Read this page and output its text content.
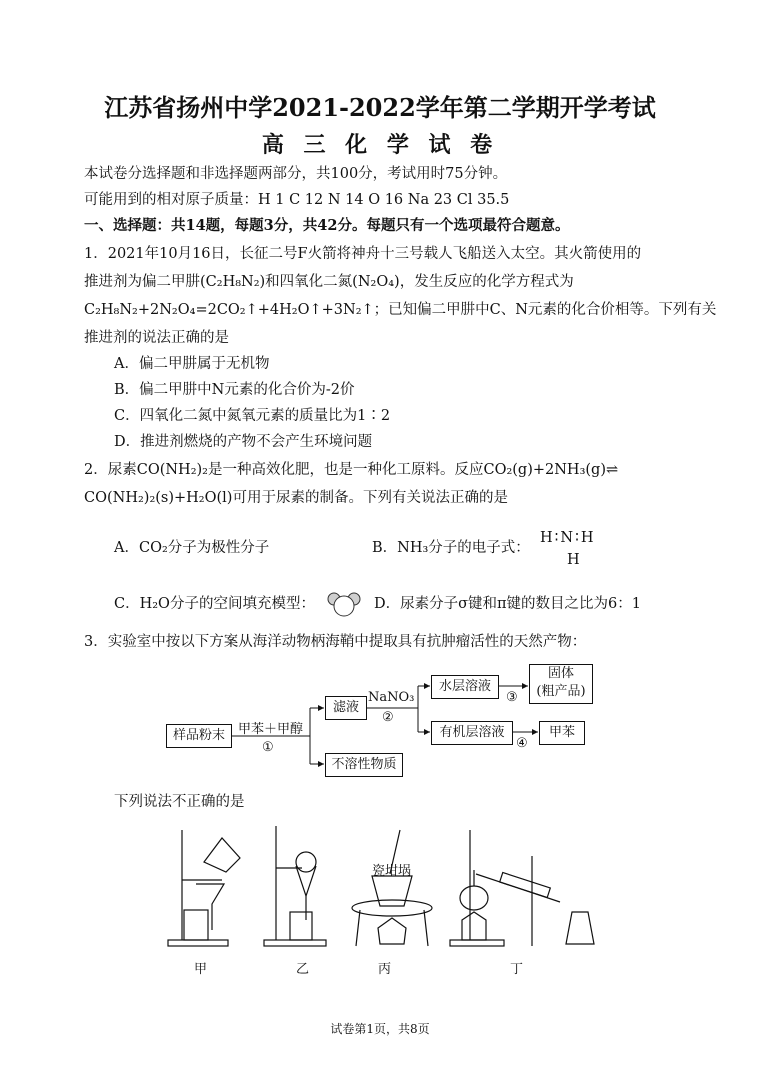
江苏省扬州中学2021-2022学年第二学期开学考试
高 三 化 学 试 卷
本试卷分选择题和非选择题两部分，共100分，考试用时75分钟。
可能用到的相对原子质量：H 1 C 12 N 14 O 16 Na 23 Cl 35.5
一、选择题：共14题，每题3分，共42分。每题只有一个选项最符合题意。
1．2021年10月16日，长征二号F火箭将神舟十三号载人飞船送入太空。其火箭使用的
推进剂为偏二甲肼(C₂H₈N₂)和四氧化二氮(N₂O₄)，发生反应的化学方程式为
C₂H₈N₂+2N₂O₄=2CO₂↑+4H₂O↑+3N₂↑；已知偏二甲肼中C、N元素的化合价相等。下列有关
推进剂的说法正确的是
A．偏二甲肼属于无机物
B．偏二甲肼中N元素的化合价为-2价
C．四氧化二氮中氮氧元素的质量比为1∶2
D．推进剂燃烧的产物不会产生环境问题
2．尿素CO(NH₂)₂是一种高效化肥，也是一种化工原料。反应CO₂(g)+2NH₃(g)⇌
CO(NH₂)₂(s)+H₂O(l)可用于尿素的制备。下列有关说法正确的是
A．CO₂分子为极性分子	B．NH₃分子的电子式：
H∶N∶H
H
C．H₂O分子的空间填充模型：	D．尿素分子σ键和π键的数目之比为6：1
3．实验室中按以下方案从海洋动物柄海鞘中提取具有抗肿瘤活性的天然产物：
样品粉末	甲苯＋甲醇
①
滤液
不溶性物质
NaNO₃
②
水层溶液
③
固体
(粗产品)
有机层溶液
④
甲苯
下列说法不正确的是
瓷坩埚
甲	乙	丙	丁
试卷第1页，共8页
